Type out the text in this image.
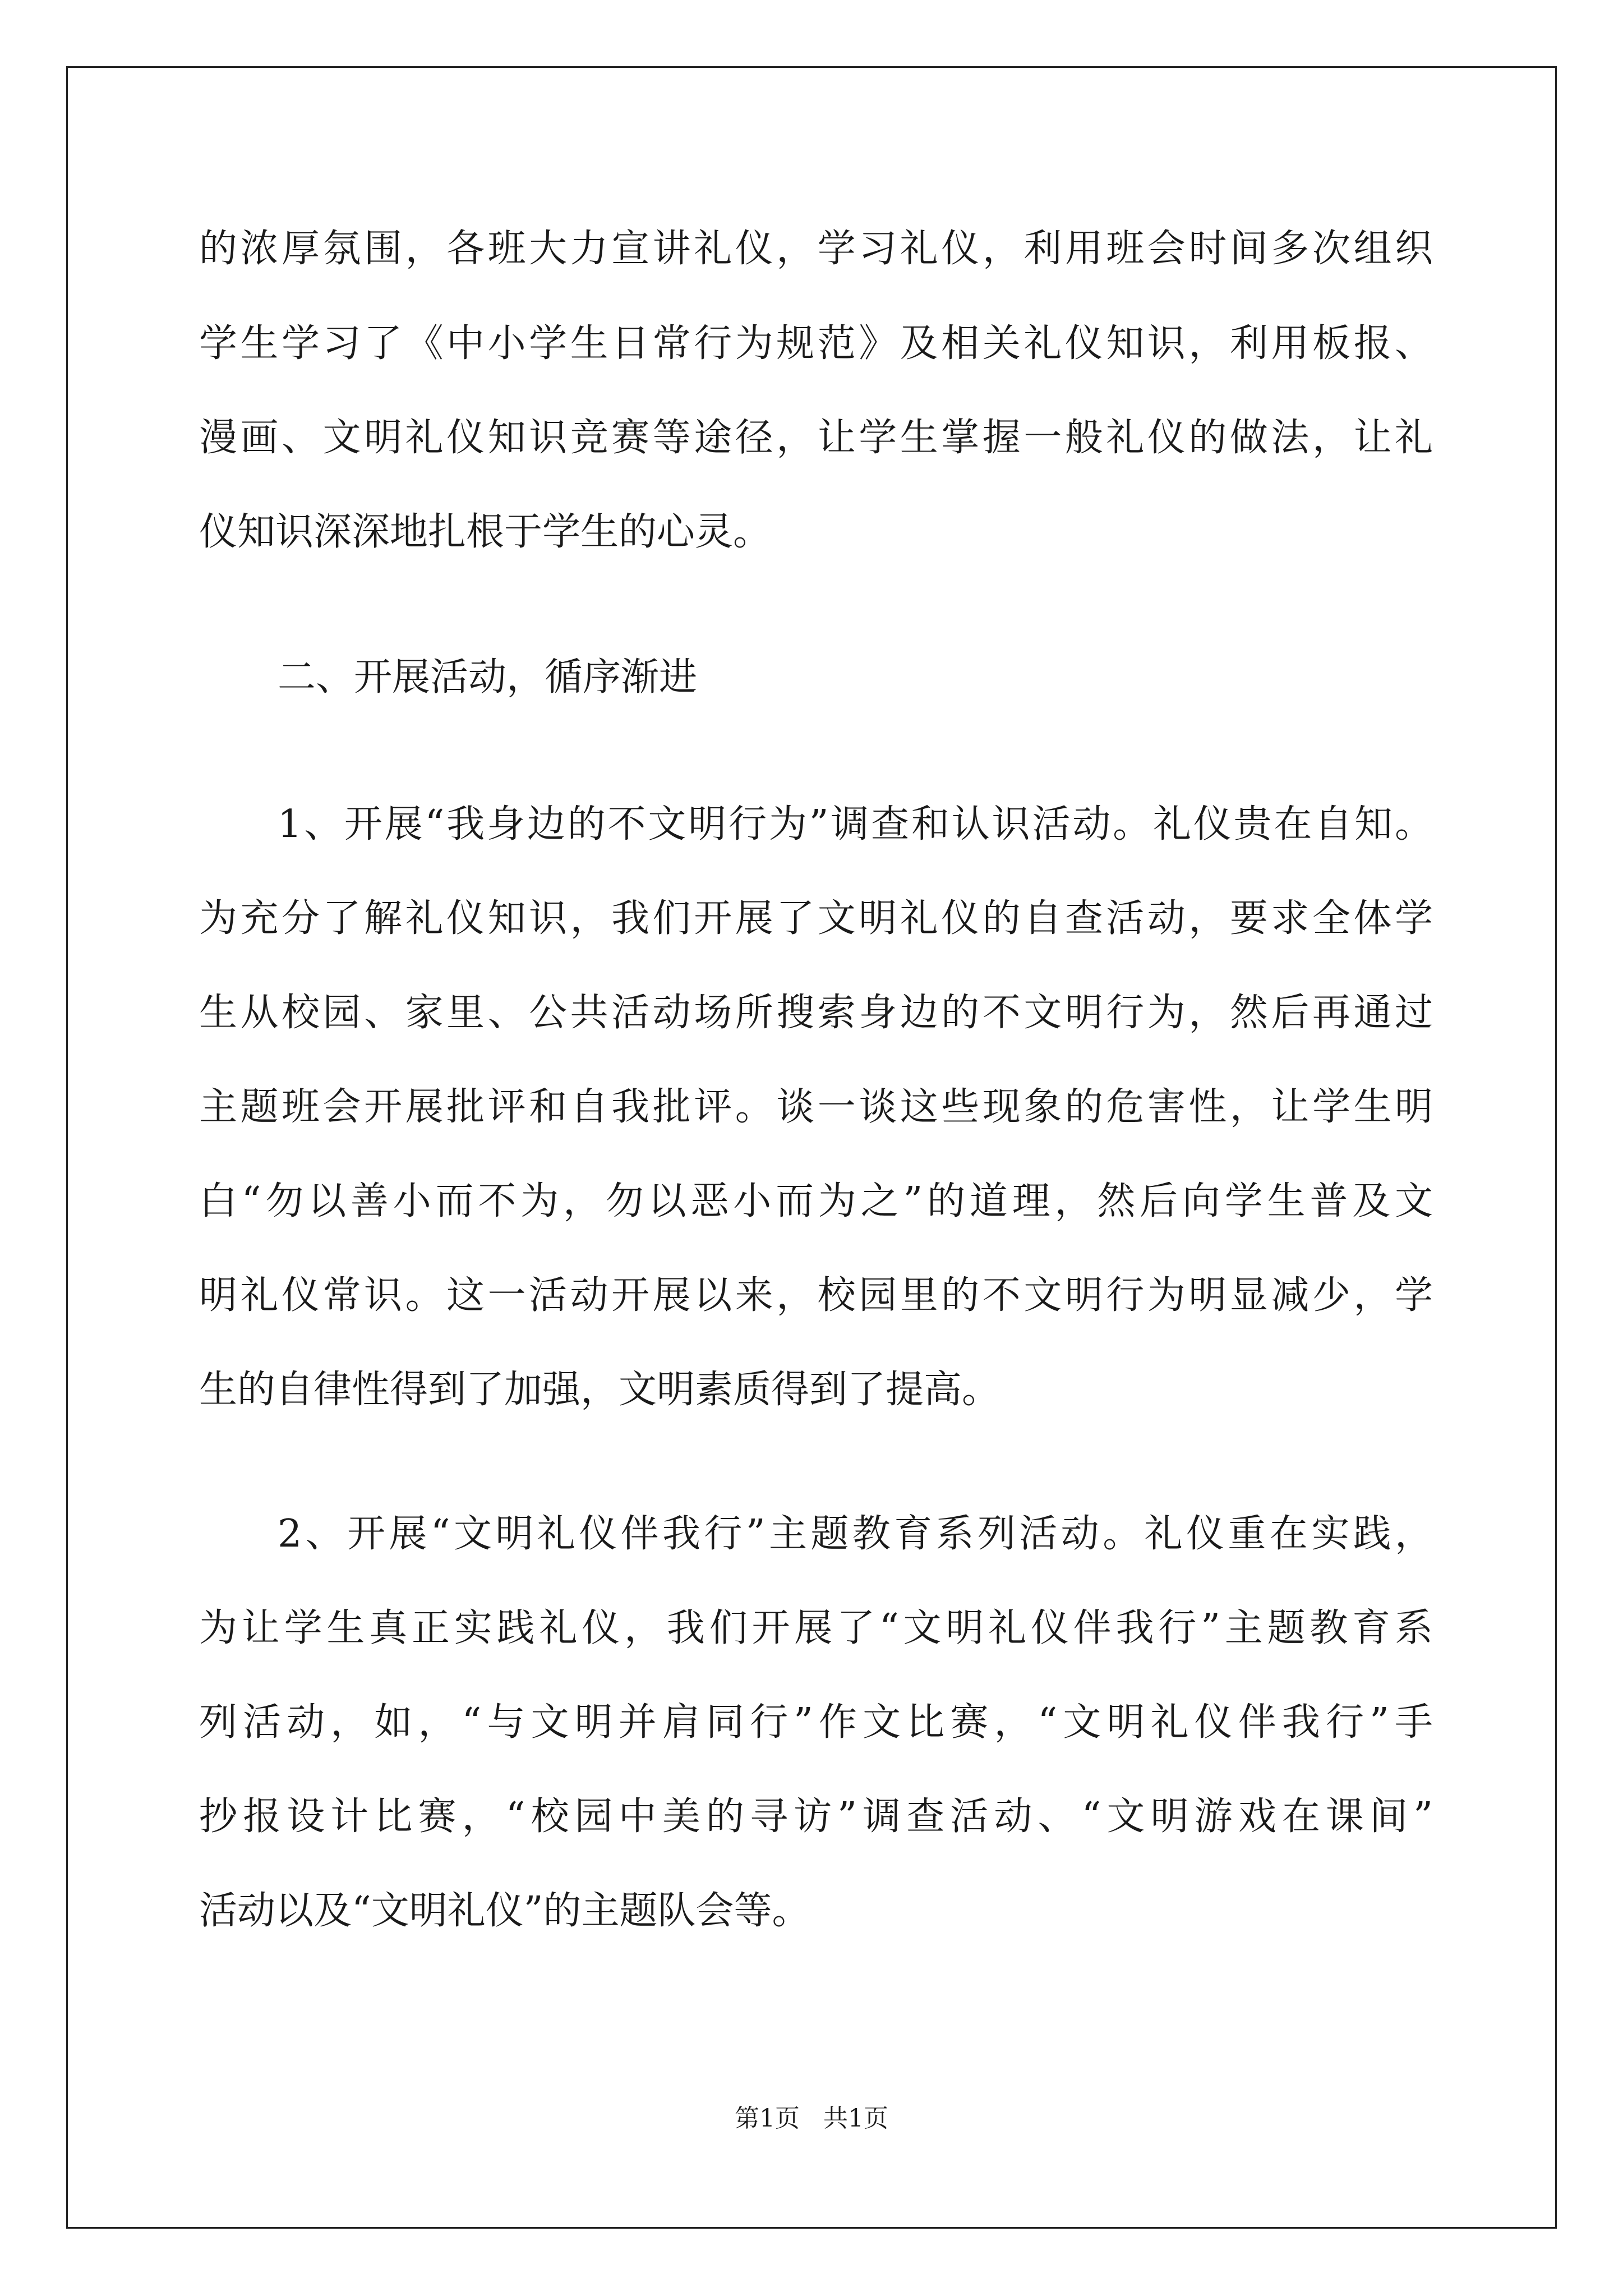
的浓厚氛围，各班大力宣讲礼仪，学习礼仪，利用班会时间多次组织
学生学习了《中小学生日常行为规范》及相关礼仪知识，利用板报、
漫画、文明礼仪知识竞赛等途径，让学生掌握一般礼仪的做法，让礼
仪知识深深地扎根于学生的心灵。
二、开展活动，循序渐进
1、开展“我身边的不文明行为”调查和认识活动。礼仪贵在自知。
为充分了解礼仪知识，我们开展了文明礼仪的自查活动，要求全体学
生从校园、家里、公共活动场所搜索身边的不文明行为，然后再通过
主题班会开展批评和自我批评。谈一谈这些现象的危害性，让学生明
白“勿以善小而不为，勿以恶小而为之”的道理，然后向学生普及文
明礼仪常识。这一活动开展以来，校园里的不文明行为明显减少，学
生的自律性得到了加强，文明素质得到了提高。
2、开展“文明礼仪伴我行”主题教育系列活动。礼仪重在实践，
为让学生真正实践礼仪，我们开展了“文明礼仪伴我行”主题教育系
列活动，如，“与文明并肩同行”作文比赛，“文明礼仪伴我行”手
抄报设计比赛，“校园中美的寻访”调查活动、“文明游戏在课间”
活动以及“文明礼仪”的主题队会等。
第1页   共1页
